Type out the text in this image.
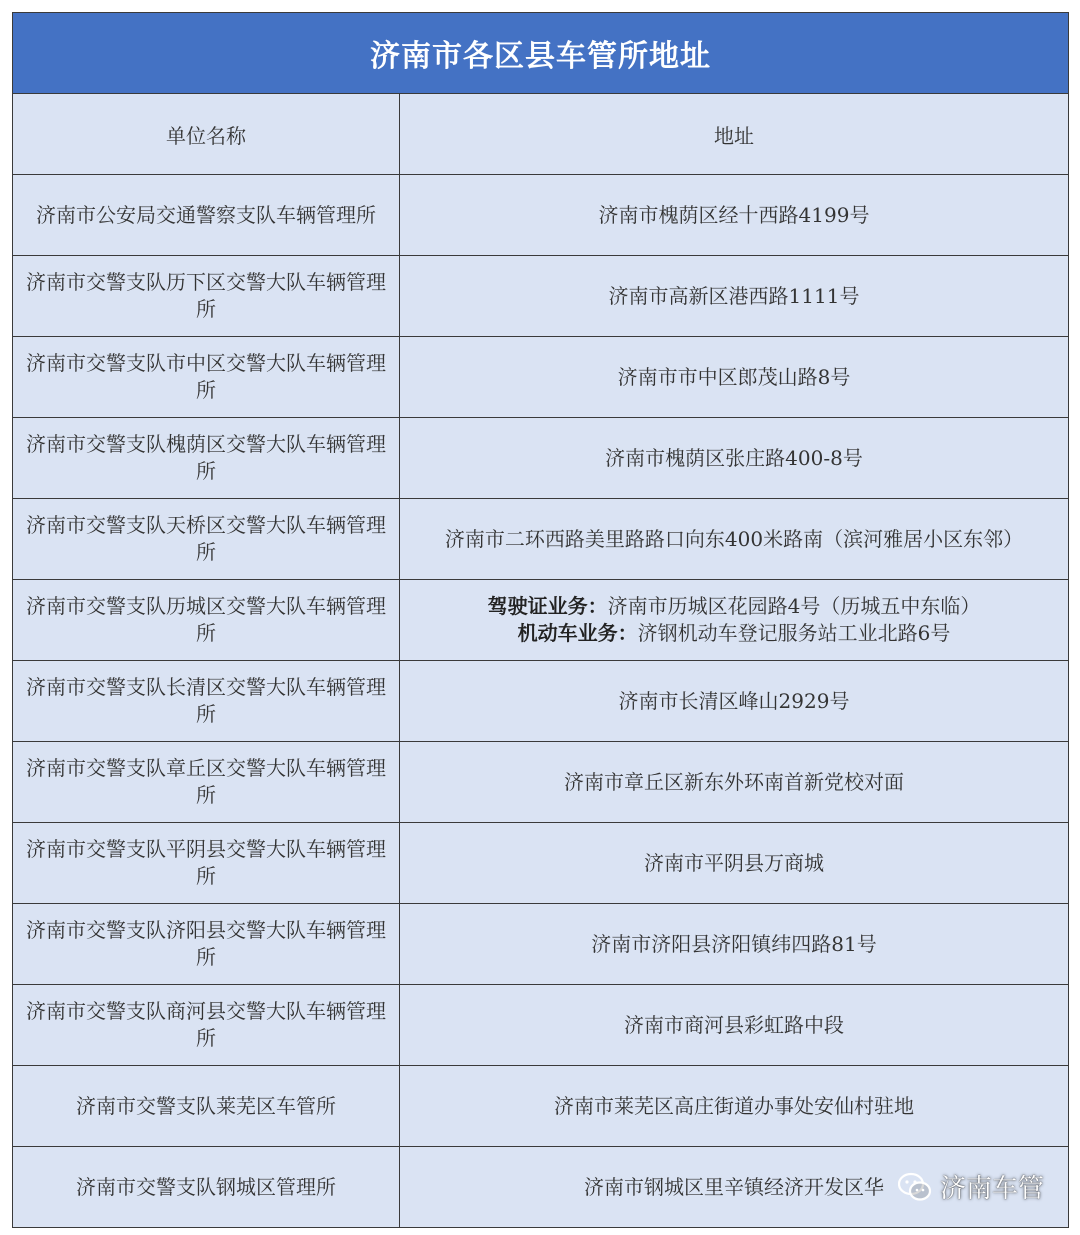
济南市各区县车管所地址	
单位名称	地址
济南市公安局交通警察支队车辆管理所	济南市槐荫区经十西路4199号
济南市交警支队历下区交警大队车辆管理所	济南市高新区港西路1111号
济南市交警支队市中区交警大队车辆管理所	济南市市中区郎茂山路8号
济南市交警支队槐荫区交警大队车辆管理所	济南市槐荫区张庄路400-8号
济南市交警支队天桥区交警大队车辆管理所	济南市二环西路美里路路口向东400米路南（滨河雅居小区东邻）
济南市交警支队历城区交警大队车辆管理所	驾驶证业务：济南市历城区花园路4号（历城五中东临）
机动车业务：济钢机动车登记服务站工业北路6号

济南市交警支队长清区交警大队车辆管理所	济南市长清区峰山2929号
济南市交警支队章丘区交警大队车辆管理所	济南市章丘区新东外环南首新党校对面
济南市交警支队平阴县交警大队车辆管理所	济南市平阴县万商城
济南市交警支队济阳县交警大队车辆管理所	济南市济阳县济阳镇纬四路81号
济南市交警支队商河县交警大队车辆管理所	济南市商河县彩虹路中段
济南市交警支队莱芜区车管所	济南市莱芜区高庄街道办事处安仙村驻地
济南市交警支队钢城区管理所	济南市钢城区里辛镇经济开发区华 济南车管
